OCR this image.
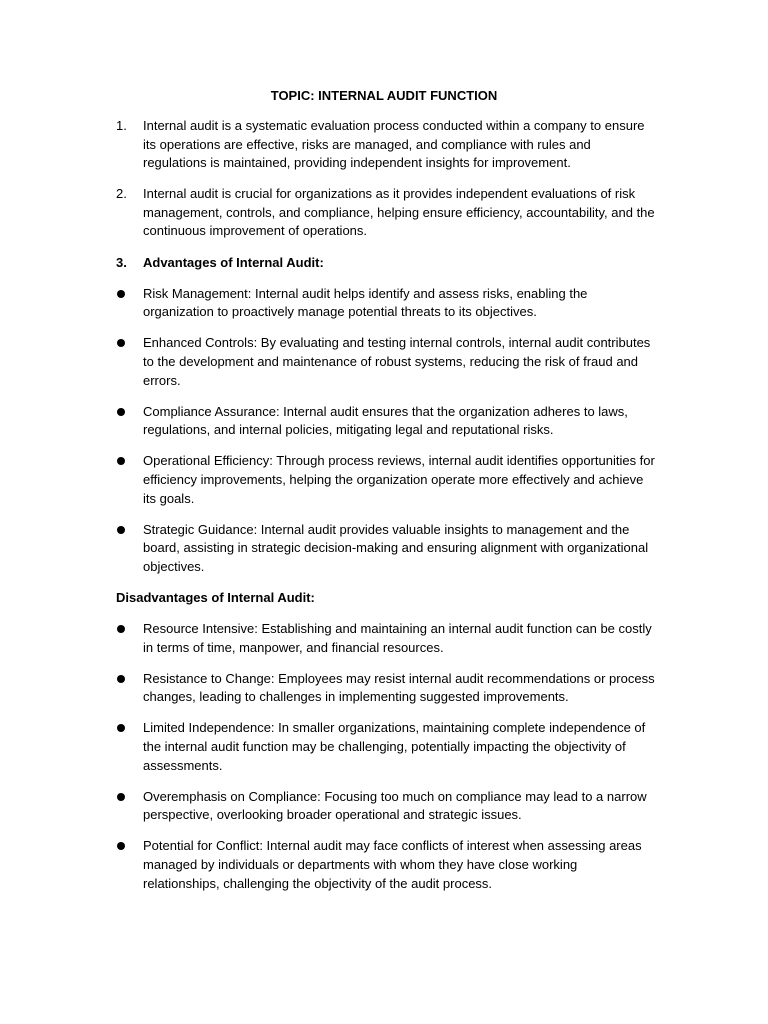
TOPIC: INTERNAL AUDIT FUNCTION
1.	Internal audit is a systematic evaluation process conducted within a company to ensure its operations are effective, risks are managed, and compliance with rules and regulations is maintained, providing independent insights for improvement.
2.	Internal audit is crucial for organizations as it provides independent evaluations of risk management, controls, and compliance, helping ensure efficiency, accountability, and the continuous improvement of operations.
3.	Advantages of Internal Audit:
Risk Management: Internal audit helps identify and assess risks, enabling the organization to proactively manage potential threats to its objectives.
Enhanced Controls: By evaluating and testing internal controls, internal audit contributes to the development and maintenance of robust systems, reducing the risk of fraud and errors.
Compliance Assurance: Internal audit ensures that the organization adheres to laws, regulations, and internal policies, mitigating legal and reputational risks.
Operational Efficiency: Through process reviews, internal audit identifies opportunities for efficiency improvements, helping the organization operate more effectively and achieve its goals.
Strategic Guidance: Internal audit provides valuable insights to management and the board, assisting in strategic decision-making and ensuring alignment with organizational objectives.
Disadvantages of Internal Audit:
Resource Intensive: Establishing and maintaining an internal audit function can be costly in terms of time, manpower, and financial resources.
Resistance to Change: Employees may resist internal audit recommendations or process changes, leading to challenges in implementing suggested improvements.
Limited Independence: In smaller organizations, maintaining complete independence of the internal audit function may be challenging, potentially impacting the objectivity of assessments.
Overemphasis on Compliance: Focusing too much on compliance may lead to a narrow perspective, overlooking broader operational and strategic issues.
Potential for Conflict: Internal audit may face conflicts of interest when assessing areas managed by individuals or departments with whom they have close working relationships, challenging the objectivity of the audit process.
